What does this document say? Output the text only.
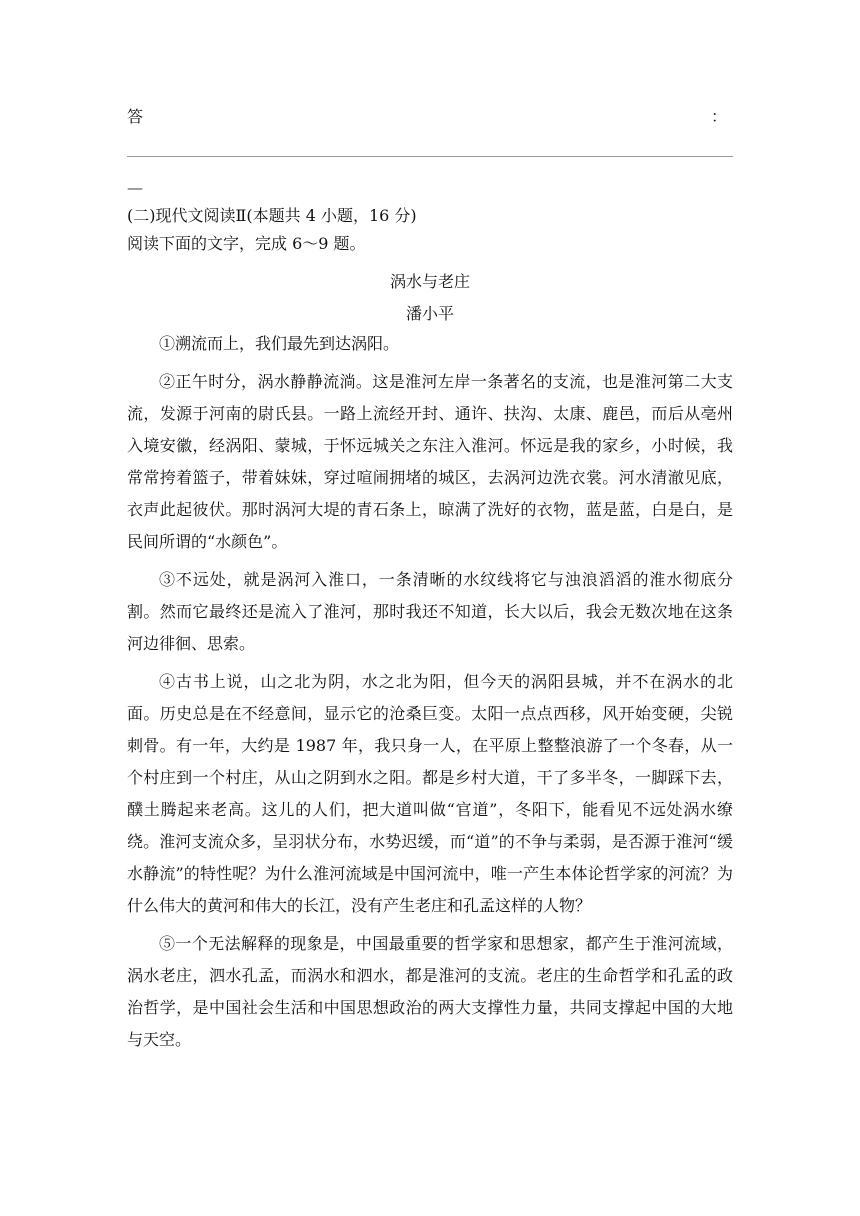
答	：
—

(二)现代文阅读Ⅱ(本题共 4 小题，16 分)

阅读下面的文字，完成 6～9 题。

涡水与老庄

潘小平

①溯流而上，我们最先到达涡阳。

②正午时分，涡水静静流淌。这是淮河左岸一条著名的支流，也是淮河第二大支流，发源于河南的尉氏县。一路上流经开封、通许、扶沟、太康、鹿邑，而后从亳州入境安徽，经涡阳、蒙城，于怀远城关之东注入淮河。怀远是我的家乡，小时候，我常常挎着篮子，带着妹妹，穿过喧闹拥堵的城区，去涡河边洗衣裳。河水清澈见底，衣声此起彼伏。那时涡河大堤的青石条上，晾满了洗好的衣物，蓝是蓝，白是白，是民间所谓的“水颜色”。

③不远处，就是涡河入淮口，一条清晰的水纹线将它与浊浪滔滔的淮水彻底分割。然而它最终还是流入了淮河，那时我还不知道，长大以后，我会无数次地在这条河边徘徊、思索。

④古书上说，山之北为阴，水之北为阳，但今天的涡阳县城，并不在涡水的北面。历史总是在不经意间，显示它的沧桑巨变。太阳一点点西移，风开始变硬，尖锐刺骨。有一年，大约是 1987 年，我只身一人，在平原上整整浪游了一个冬春，从一个村庄到一个村庄，从山之阴到水之阳。都是乡村大道，干了多半冬，一脚踩下去，醭土腾起来老高。这儿的人们，把大道叫做“官道”，冬阳下，能看见不远处涡水缭绕。淮河支流众多，呈羽状分布，水势迟缓，而“道”的不争与柔弱，是否源于淮河“缓水静流”的特性呢？为什么淮河流域是中国河流中，唯一产生本体论哲学家的河流？为什么伟大的黄河和伟大的长江，没有产生老庄和孔孟这样的人物？

⑤一个无法解释的现象是，中国最重要的哲学家和思想家，都产生于淮河流域，涡水老庄，泗水孔孟，而涡水和泗水，都是淮河的支流。老庄的生命哲学和孔孟的政治哲学，是中国社会生活和中国思想政治的两大支撑性力量，共同支撑起中国的大地与天空。
